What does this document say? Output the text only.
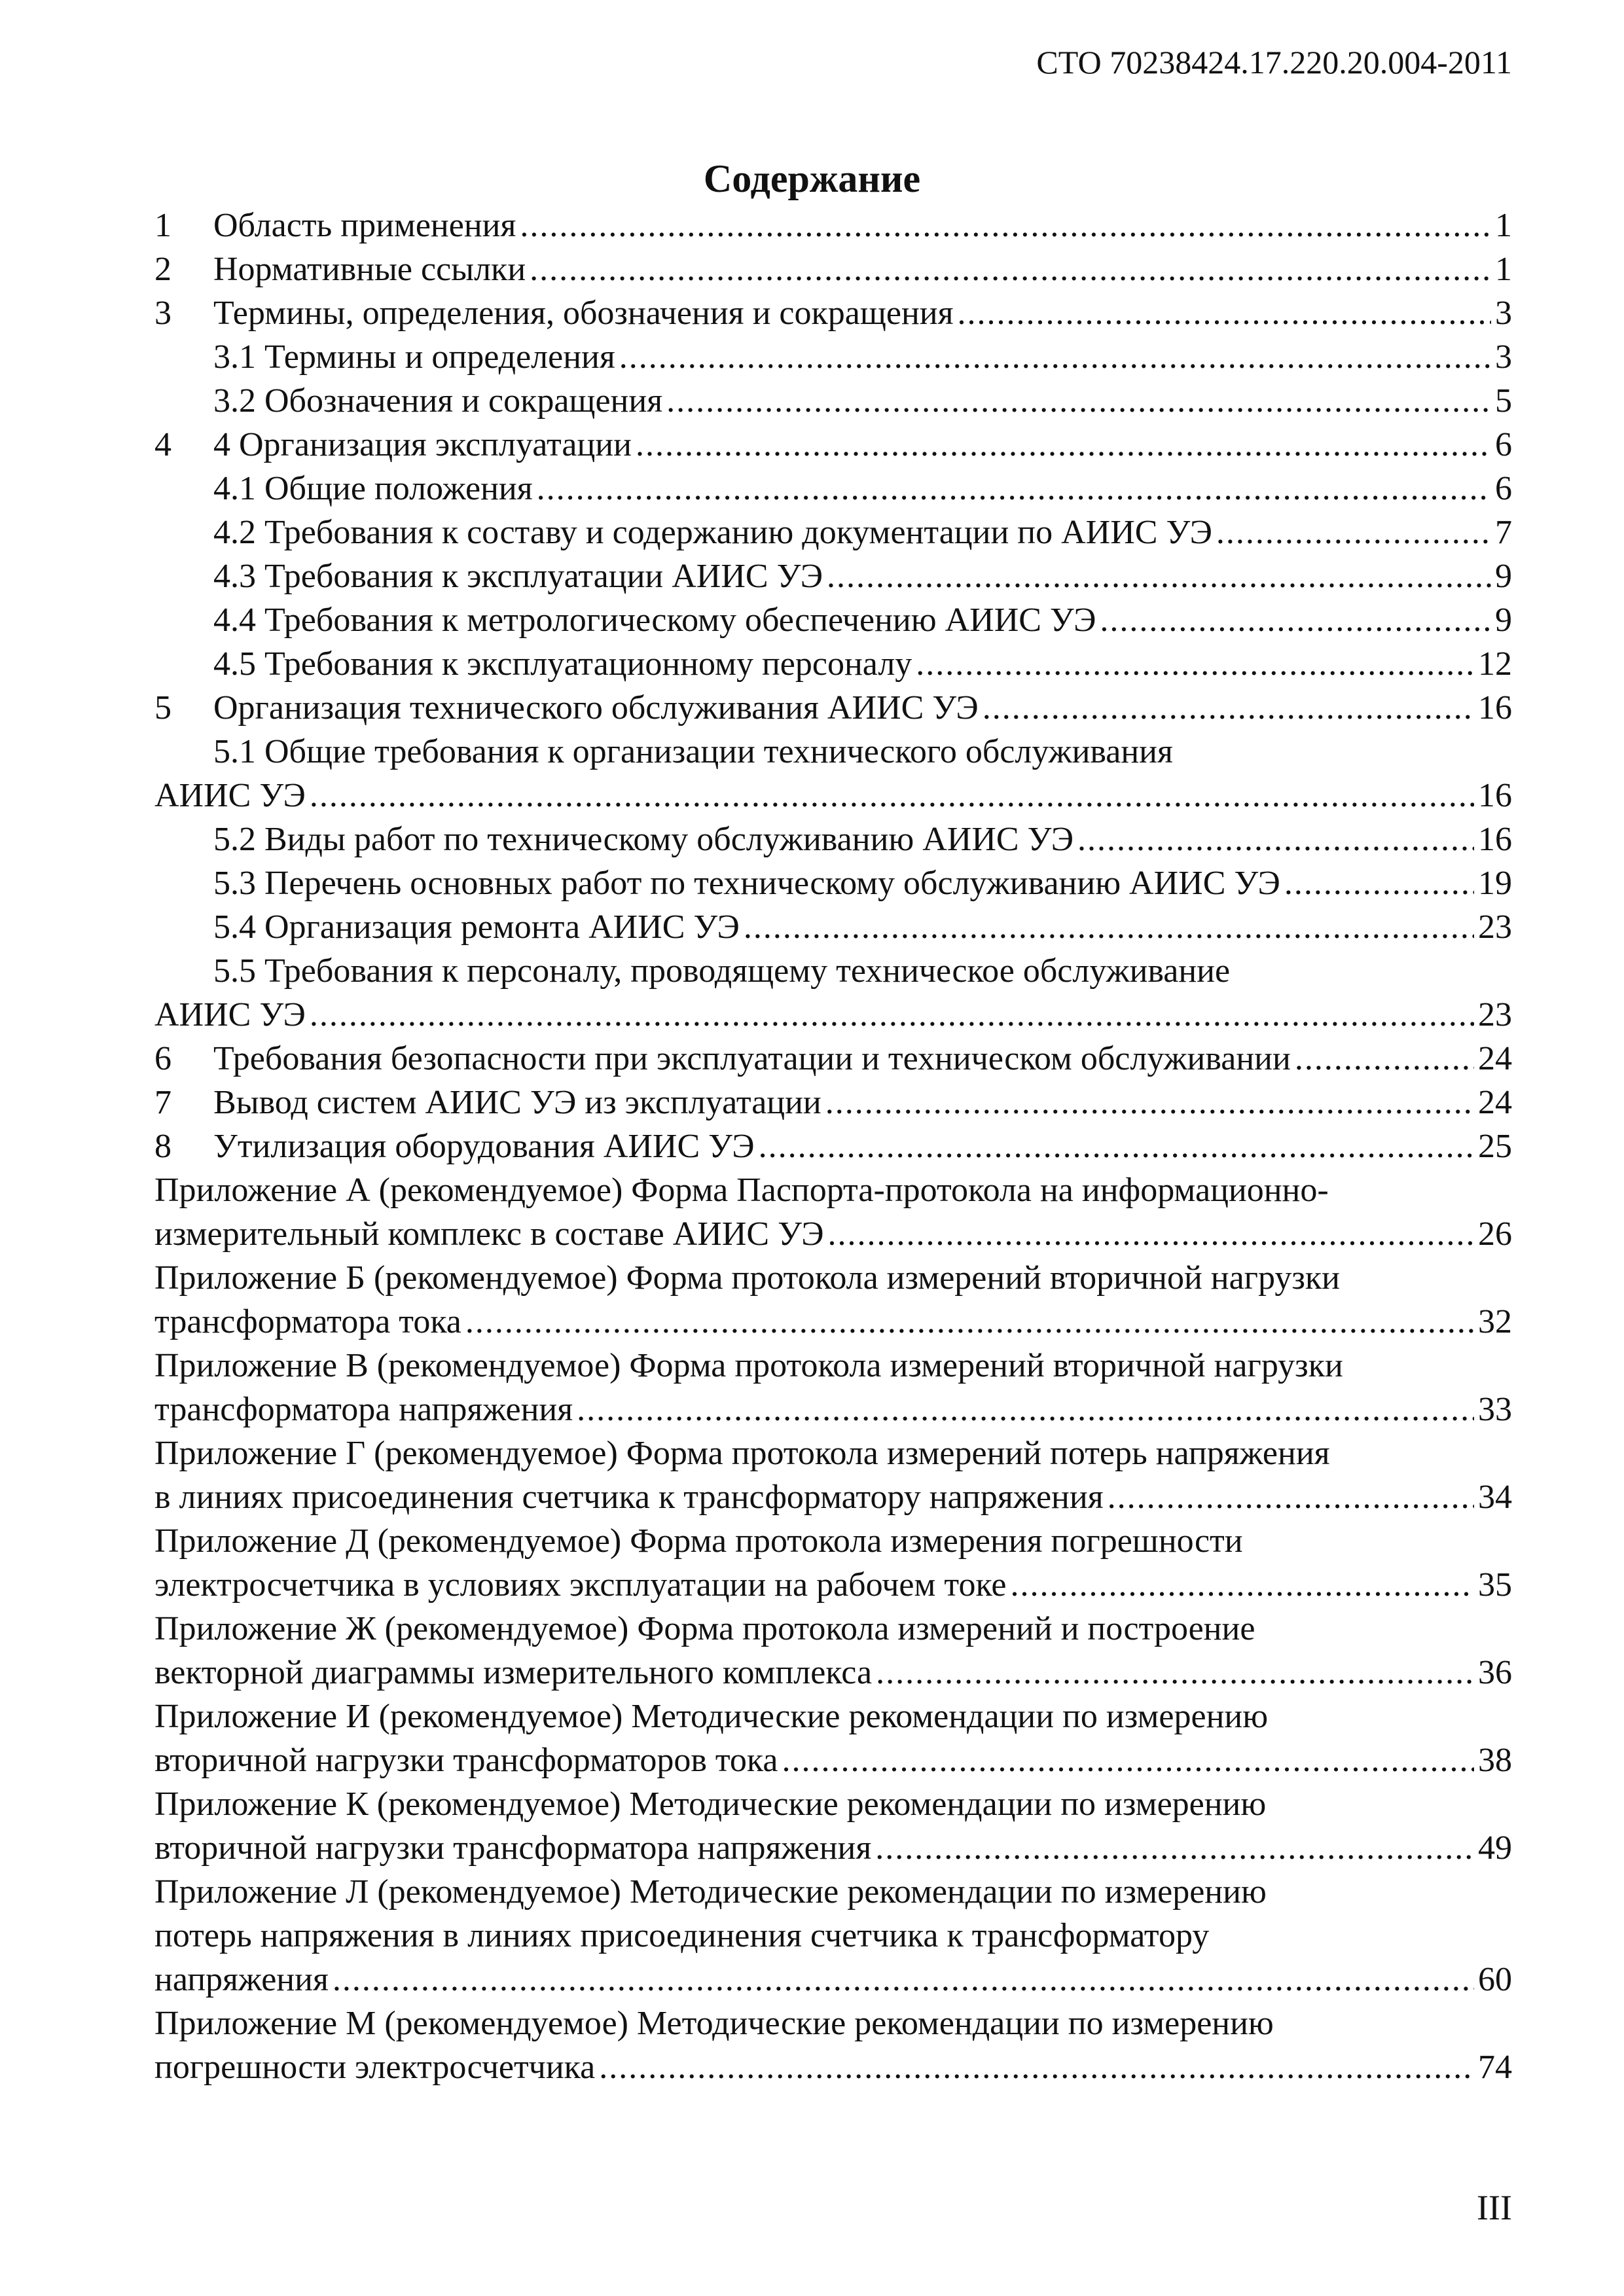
СТО 70238424.17.220.20.004-2011
Содержание
1	Область применения .....	1
2	Нормативные ссылки .....	1
3	Термины, определения, обозначения и сокращения .....	3
3.1 Термины и определения .....	3
3.2 Обозначения и сокращения .....	5
4	4 Организация эксплуатации .....	6
4.1 Общие положения .....	6
4.2 Требования к составу и содержанию документации по АИИС УЭ .....	7
4.3 Требования к эксплуатации АИИС УЭ .....	9
4.4 Требования к метрологическому обеспечению АИИС УЭ .....	9
4.5 Требования к эксплуатационному персоналу .....	12
5	Организация технического обслуживания АИИС УЭ .....	16
5.1 Общие требования к организации технического обслуживания
АИИС УЭ .....	16
5.2 Виды работ по техническому обслуживанию АИИС УЭ .....	16
5.3 Перечень основных работ по техническому обслуживанию АИИС УЭ .....	19
5.4 Организация ремонта АИИС УЭ .....	23
5.5 Требования к персоналу, проводящему техническое обслуживание
АИИС УЭ .....	23
6	Требования безопасности при эксплуатации и техническом обслуживании .....	24
7	Вывод систем АИИС УЭ из эксплуатации .....	24
8	Утилизация оборудования АИИС УЭ .....	25
Приложение А (рекомендуемое) Форма Паспорта-протокола на информационно-
измерительный комплекс в составе АИИС УЭ .....	26
Приложение Б (рекомендуемое) Форма протокола измерений вторичной нагрузки
трансформатора тока .....	32
Приложение В (рекомендуемое) Форма протокола измерений вторичной нагрузки
трансформатора напряжения .....	33
Приложение Г (рекомендуемое) Форма протокола измерений потерь напряжения
в линиях присоединения счетчика к трансформатору напряжения .....	34
Приложение Д (рекомендуемое) Форма протокола измерения погрешности
электросчетчика в условиях эксплуатации на рабочем токе .....	35
Приложение Ж (рекомендуемое) Форма протокола измерений и построение
векторной диаграммы измерительного комплекса .....	36
Приложение И (рекомендуемое) Методические рекомендации по измерению
вторичной нагрузки трансформаторов тока .....	38
Приложение К (рекомендуемое) Методические рекомендации по измерению
вторичной нагрузки трансформатора напряжения .....	49
Приложение Л (рекомендуемое) Методические рекомендации по измерению
потерь напряжения в линиях присоединения счетчика к трансформатору
напряжения .....	60
Приложение М (рекомендуемое) Методические рекомендации по измерению
погрешности электросчетчика .....	74
III
